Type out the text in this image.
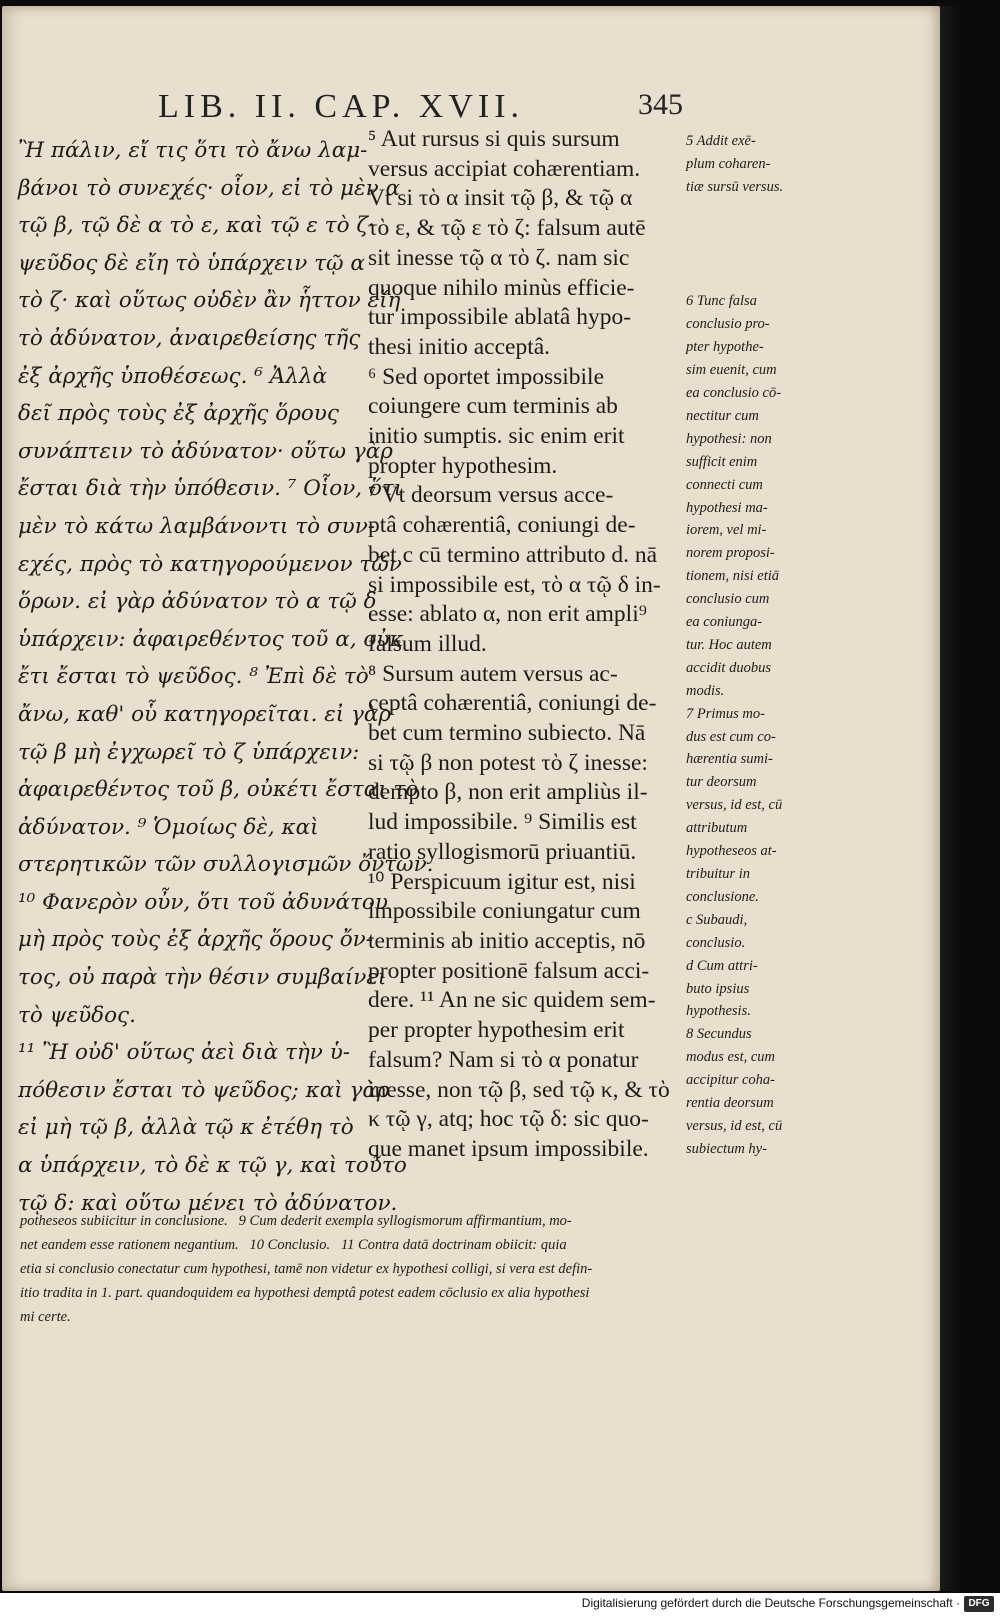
LIB. II. CAP. XVII.	345
Ἢ πάλιν, εἴ τις ὅτι τὸ ἄνω λαμ-
βάνοι τὸ συνεχές· οἷον, εἰ τὸ μὲν α
τῷ β, τῷ δὲ α τὸ ε, καὶ τῷ ε τὸ ζ·
ψεῦδος δὲ εἴη τὸ ὑπάρχειν τῷ α
τὸ ζ· καὶ οὕτως οὐδὲν ἂν ἧττον εἴη
τὸ ἀδύνατον, ἀναιρεθείσης τῆς
ἐξ ἀρχῆς ὑποθέσεως. ⁶ Ἀλλὰ
δεῖ πρὸς τοὺς ἐξ ἀρχῆς ὅρους
συνάπτειν τὸ ἀδύνατον· οὕτω γὰρ
ἔσται διὰ τὴν ὑπόθεσιν. ⁷ Οἷον, ὅτι
μὲν τὸ κάτω λαμβάνοντι τὸ συν-
εχές, πρὸς τὸ κατηγορούμενον τῶν
ὅρων. εἰ γὰρ ἀδύνατον τὸ α τῷ δ
ὑπάρχειν: ἀφαιρεθέντος τοῦ α, οὐκ
ἔτι ἔσται τὸ ψεῦδος. ⁸ Ἐπὶ δὲ τὸ
ἄνω, καθ' οὗ κατηγορεῖται. εἰ γὰρ
τῷ β μὴ ἐγχωρεῖ τὸ ζ ὑπάρχειν:
ἀφαιρεθέντος τοῦ β, οὐκέτι ἔσται τὸ
ἀδύνατον. ⁹ Ὁμοίως δὲ, καὶ
στερητικῶν τῶν συλλογισμῶν ὄντων.
¹⁰ Φανερὸν οὖν, ὅτι τοῦ ἀδυνάτου
μὴ πρὸς τοὺς ἐξ ἀρχῆς ὅρους ὄν-
τος, οὐ παρὰ τὴν θέσιν συμβαίνει
τὸ ψεῦδος.
¹¹ Ἢ οὐδ' οὕτως ἀεὶ διὰ τὴν ὑ-
πόθεσιν ἔσται τὸ ψεῦδος; καὶ γὰρ
εἰ μὴ τῷ β, ἀλλὰ τῷ κ ἐτέθη τὸ
α ὑπάρχειν, τὸ δὲ κ τῷ γ, καὶ τοῦτο
τῷ δ: καὶ οὕτω μένει τὸ ἀδύνατον.
⁵ Aut rursus si quis sursum
versus accipiat cohærentiam.
Vt si τὸ α insit τῷ β, & τῷ α
τὸ ε, & τῷ ε τὸ ζ: falsum autē
sit inesse τῷ α τὸ ζ. nam sic
quoque nihilo minùs efficie-
tur impossibile ablatâ hypo-
thesi initio acceptâ.
⁶ Sed oportet impossibile
coiungere cum terminis ab
initio sumptis. sic enim erit
propter hypothesim.
⁷ Vt deorsum versus acce-
ptâ cohærentiâ, coniungi de-
bet c cū termino attributo d. nā
si impossibile est, τὸ α τῷ δ in-
esse: ablato α, non erit ampli⁹
falsum illud.
⁸ Sursum autem versus ac-
ceptâ cohærentiâ, coniungi de-
bet cum termino subiecto. Nā
si τῷ β non potest τὸ ζ inesse:
dempto β, non erit ampliùs il-
lud impossibile. ⁹ Similis est
ratio syllogismorū priuantiū.
¹⁰ Perspicuum igitur est, nisi
impossibile coniungatur cum
terminis ab initio acceptis, nō
propter positionē falsum acci-
dere. ¹¹ An ne sic quidem sem-
per propter hypothesim erit
falsum? Nam si τὸ α ponatur
inesse, non τῷ β, sed τῷ κ, & τὸ
κ τῷ γ, atq; hoc τῷ δ: sic quo-
que manet ipsum impossibile.
5 Addit exē-
plum coharen-
tiæ sursū versus.

6 Tunc falsa
conclusio pro-
pter hypothe-
sim euenit, cum
ea conclusio cō-
nectitur cum
hypothesi: non
sufficit enim
connecti cum
hypothesi ma-
iorem, vel mi-
norem proposi-
tionem, nisi etiā
conclusio cum
ea coniunga-
tur. Hoc autem
accidit duobus
modis.
7 Primus mo-
dus est cum co-
hærentia sumi-
tur deorsum
versus, id est, cū
attributum
hypotheseos at-
tribuitur in
conclusione.
c Subaudi,
conclusio.
d Cum attri-
buto ipsius
hypothesis.
8 Secundus
modus est, cum
accipitur coha-
rentia deorsum
versus, id est, cū
subiectum hy-
potheseos subiicitur in conclusione.   9 Cum dederit exempla syllogismorum affirmantium, mo-
net eandem esse rationem negantium.   10 Conclusio.   11 Contra datā doctrinam obiicit: quia
etia si conclusio conectatur cum hypothesi, tamē non videtur ex hypothesi colligi, si vera est defin-
itio tradita in 1. part. quandoquidem ea hypothesi demptâ potest eadem cōclusio ex alia hypothesi
mi certe.
Digitalisierung gefördert durch die Deutsche Forschungsgemeinschaft · DFG
